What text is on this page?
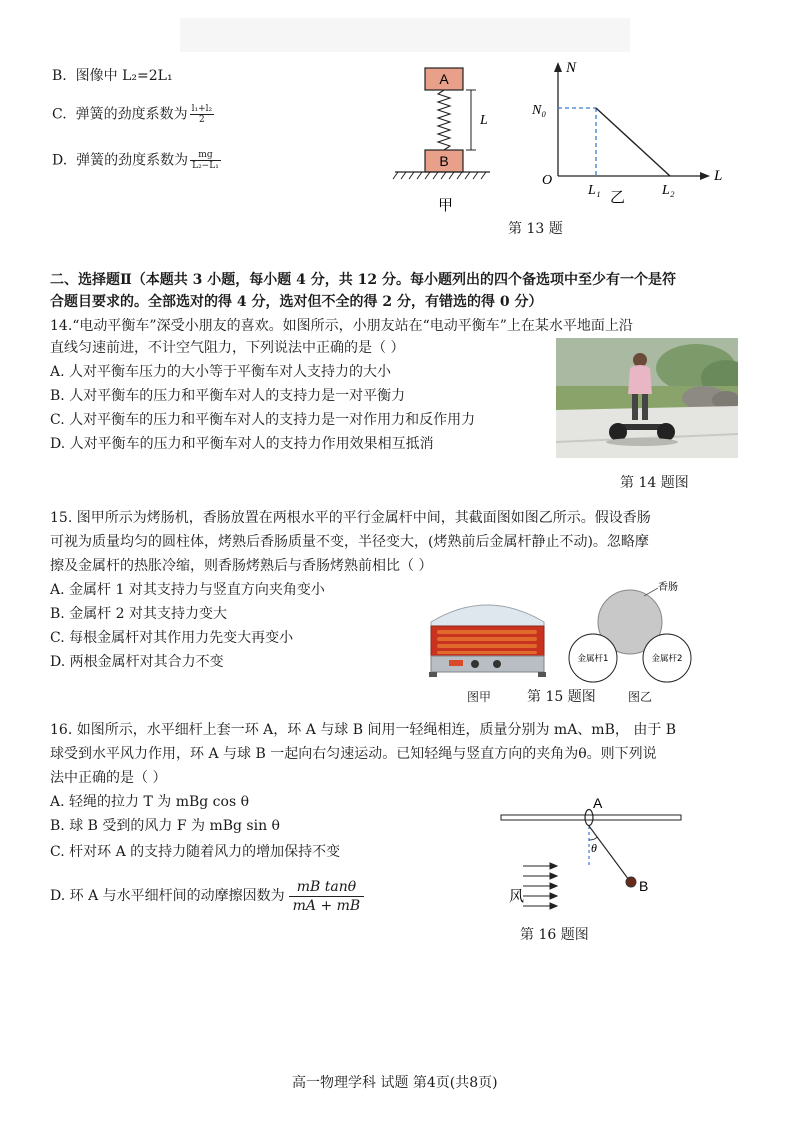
B. 图像中 L₂=2L₁
C. 弹簧的劲度系数为 $\frac{\text{l₁+l₂}}{2}$
D. 弹簧的劲度系数为 $\frac{mg}{\text{L₂−L₁}}$
A
B
L
甲
N
L
N₀
O
L₁	L₂
乙
第 13 题
二、选择题Ⅱ（本题共 3 小题，每小题 4 分，共 12 分。每小题列出的四个备选项中至少有一个是符
合题目要求的。全部选对的得 4 分，选对但不全的得 2 分，有错选的得 0 分）
14.“电动平衡车”深受小朋友的喜欢。如图所示，小朋友站在“电动平衡车”上在某水平地面上沿
直线匀速前进，不计空气阻力，下列说法中正确的是（ ）
A. 人对平衡车压力的大小等于平衡车对人支持力的大小
B. 人对平衡车的压力和平衡车对人的支持力是一对平衡力
C. 人对平衡车的压力和平衡车对人的支持力是一对作用力和反作用力
D. 人对平衡车的压力和平衡车对人的支持力作用效果相互抵消
第 14 题图
15. 图甲所示为烤肠机，香肠放置在两根水平的平行金属杆中间，其截面图如图乙所示。假设香肠
可视为质量均匀的圆柱体，烤熟后香肠质量不变，半径变大，(烤熟前后金属杆静止不动)。忽略摩
擦及金属杆的热胀冷缩，则香肠烤熟后与香肠烤熟前相比（ ）
A. 金属杆 1 对其支持力与竖直方向夹角变小
B. 金属杆 2 对其支持力变大
C. 每根金属杆对其作用力先变大再变小
D. 两根金属杆对其合力不变
香肠
金属杆1	金属杆2
图甲	第 15 题图	图乙
16. 如图所示，水平细杆上套一环 A，环 A 与球 B 间用一轻绳相连，质量分别为 mA、mB， 由于 B
球受到水平风力作用，环 A 与球 B 一起向右匀速运动。已知轻绳与竖直方向的夹角为θ。则下列说
法中正确的是（ ）
A. 轻绳的拉力 T 为 mBg cos θ
B. 球 B 受到的风力 F 为 mBg sin θ
C. 杆对环 A 的支持力随着风力的增加保持不变
D. 环 A 与水平细杆间的动摩擦因数为 $\frac{\text{mB tanθ}}{mA + mB}$
A
θ
B
风
第 16 题图
高一物理学科 试题 第4页(共8页)
